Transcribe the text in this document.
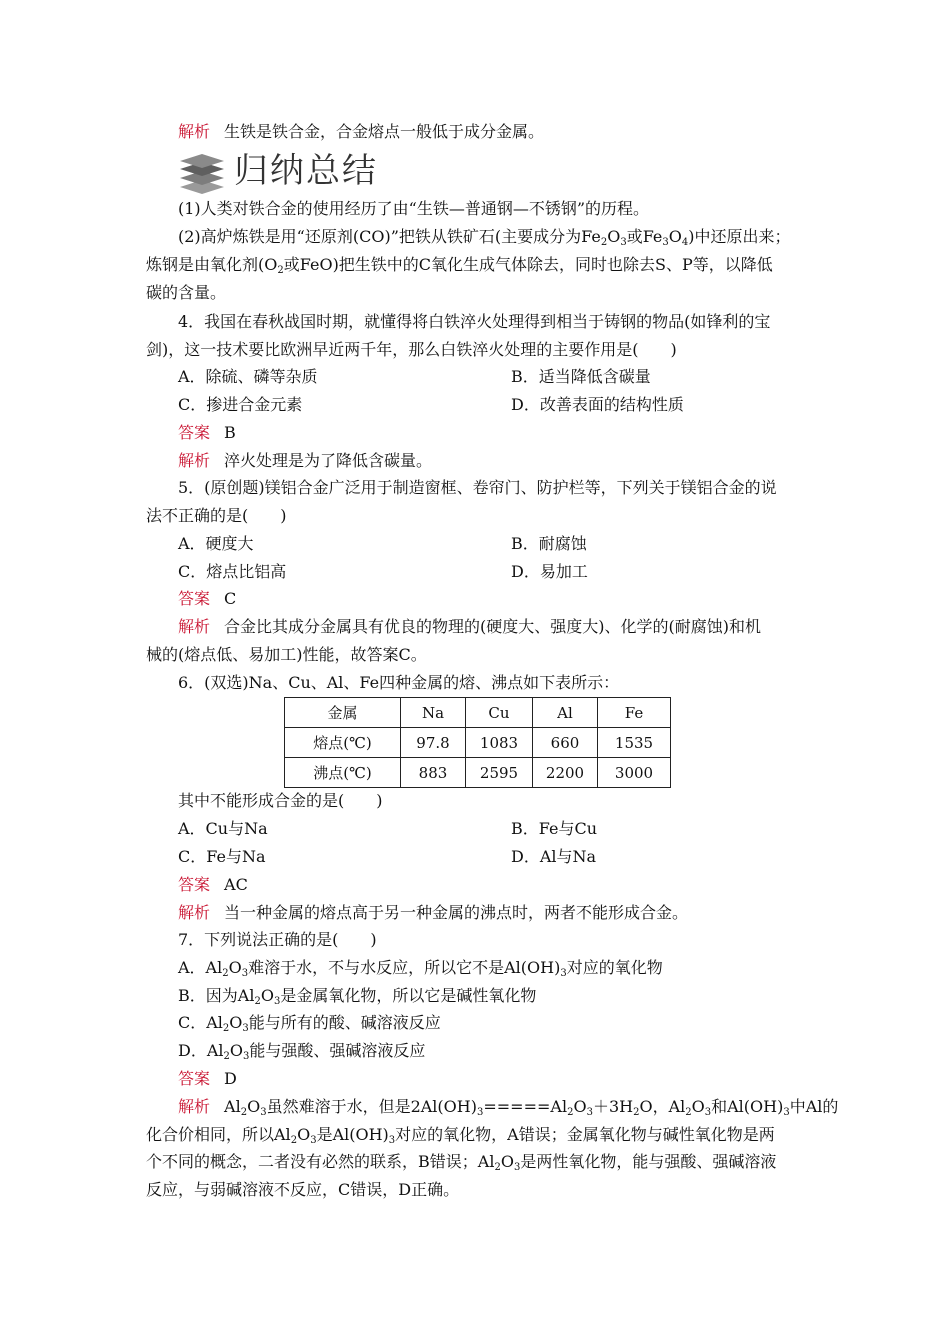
解析 生铁是铁合金，合金熔点一般低于成分金属。
归纳总结
(1)人类对铁合金的使用经历了由“生铁—普通钢—不锈钢”的历程。
(2)高炉炼铁是用“还原剂(CO)”把铁从铁矿石(主要成分为$Fe_2O_3$或$Fe_3O_4$)中还原出来；
炼钢是由氧化剂($O_2$或FeO)把生铁中的C氧化生成气体除去，同时也除去S、P等，以降低
碳的含量。
4．我国在春秋战国时期，就懂得将白铁淬火处理得到相当于铸钢的物品(如锋利的宝
剑)，这一技术要比欧洲早近两千年，那么白铁淬火处理的主要作用是(　　)
A．除硫、磷等杂质	B．适当降低含碳量
C．掺进合金元素	D．改善表面的结构性质
答案 B
解析 淬火处理是为了降低含碳量。
5．(原创题)镁铝合金广泛用于制造窗框、卷帘门、防护栏等，下列关于镁铝合金的说
法不正确的是(　　)
A．硬度大	B．耐腐蚀
C．熔点比铝高	D．易加工
答案 C
解析 合金比其成分金属具有优良的物理的(硬度大、强度大)、化学的(耐腐蚀)和机
械的(熔点低、易加工)性能，故答案C。
6．(双选)Na、Cu、Al、Fe四种金属的熔、沸点如下表所示：
金属	Na	Cu	Al	Fe
熔点(℃)	97.8	1083	660	1535
沸点(℃)	883	2595	2200	3000
其中不能形成合金的是(　　)
A．Cu与Na	B．Fe与Cu
C．Fe与Na	D．Al与Na
答案 AC
解析 当一种金属的熔点高于另一种金属的沸点时，两者不能形成合金。
7．下列说法正确的是(　　)
A．$Al_2O_3$难溶于水，不与水反应，所以它不是$Al(OH)_3$对应的氧化物
B．因为$Al_2O_3$是金属氧化物，所以它是碱性氧化物
C．$Al_2O_3$能与所有的酸、碱溶液反应
D．$Al_2O_3$能与强酸、强碱溶液反应
答案 D
解析 $Al_2O_3$虽然难溶于水，但是$2Al(OH)_3=====Al_2O_3+3H_2O$，$Al_2O_3$和$Al(OH)_3$中Al的
化合价相同，所以$Al_2O_3$是$Al(OH)_3$对应的氧化物，A错误；金属氧化物与碱性氧化物是两
个不同的概念，二者没有必然的联系，B错误；$Al_2O_3$是两性氧化物，能与强酸、强碱溶液
反应，与弱碱溶液不反应，C错误，D正确。
